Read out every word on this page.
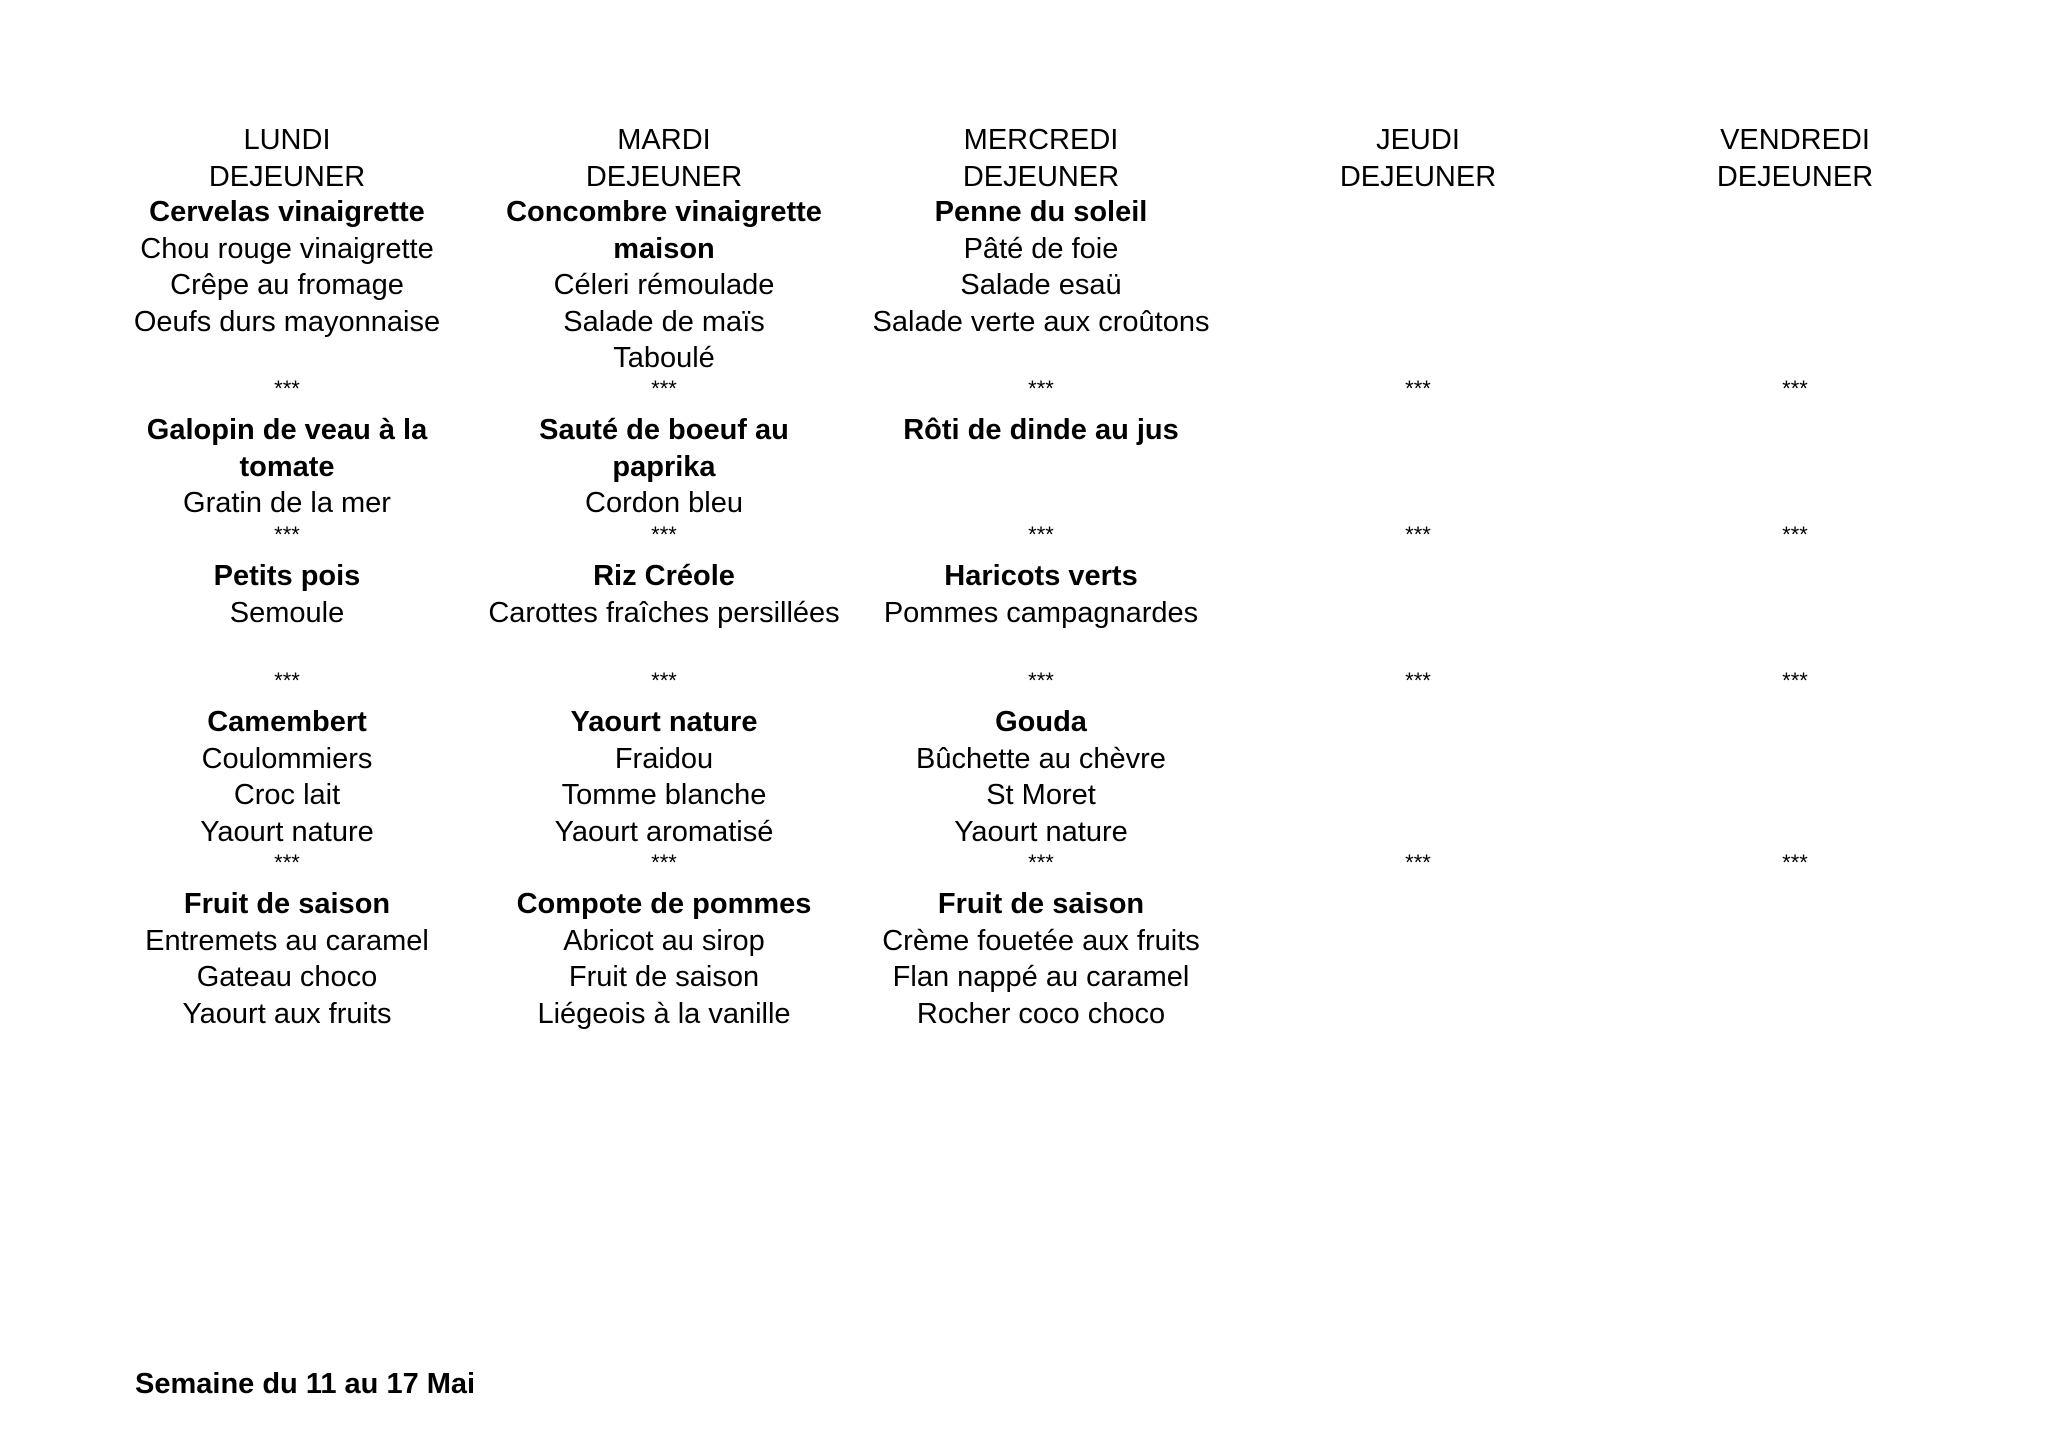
LUNDI
DEJEUNER
Cervelas vinaigrette
Chou rouge vinaigrette
Crêpe au fromage
Oeufs durs mayonnaise
Galopin de veau à la tomate
Gratin de la mer
Petits pois
Semoule
Camembert
Coulommiers
Croc lait
Yaourt nature
Fruit de saison
Entremets au caramel
Gateau choco
Yaourt aux fruits
***
***
***
***
MARDI
DEJEUNER
Concombre vinaigrette maison
Céleri rémoulade
Salade de maïs
Taboulé
Sauté de boeuf au paprika
Cordon bleu
Riz Créole
Carottes fraîches persillées
Yaourt nature
Fraidou
Tomme blanche
Yaourt aromatisé
Compote de pommes
Abricot au sirop
Fruit de saison
Liégeois à la vanille
***
***
***
***
MERCREDI
DEJEUNER
Penne du soleil
Pâté de foie
Salade esaü
Salade verte aux croûtons
Rôti de dinde au jus
Haricots verts
Pommes campagnardes
Gouda
Bûchette au chèvre
St Moret
Yaourt nature
Fruit de saison
Crème fouetée aux fruits
Flan nappé au caramel
Rocher coco choco
***
***
***
***
JEUDI
DEJEUNER
***
***
***
***
VENDREDI
DEJEUNER
***
***
***
***
Semaine du 11 au 17 Mai
